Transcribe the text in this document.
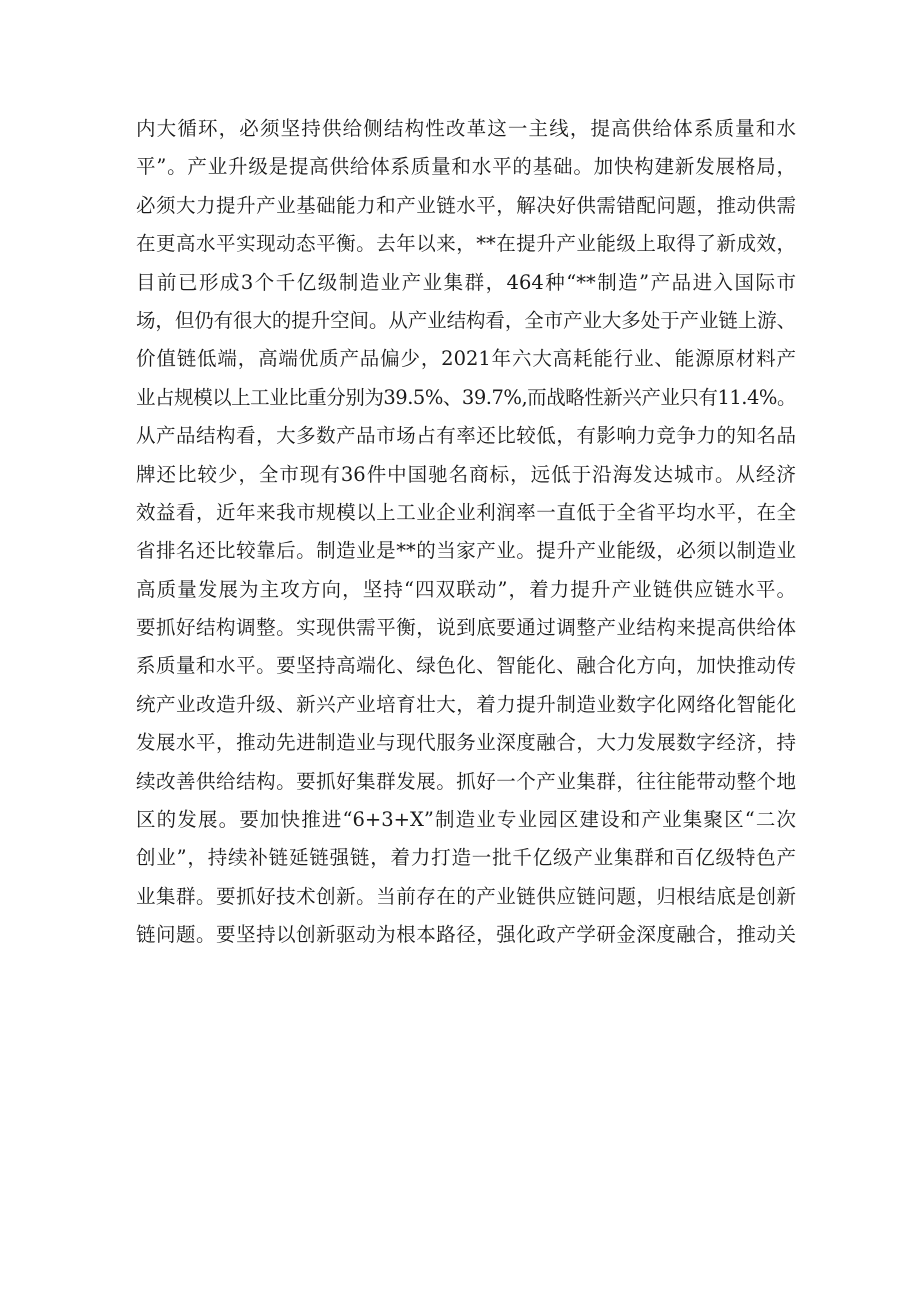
内大循环，必须坚持供给侧结构性改革这一主线，提高供给体系质量和水
平”。产业升级是提高供给体系质量和水平的基础。加快构建新发展格局，
必须大力提升产业基础能力和产业链水平，解决好供需错配问题，推动供需
在更高水平实现动态平衡。去年以来，**在提升产业能级上取得了新成效，
目前已形成3个千亿级制造业产业集群，464种“**制造”产品进入国际市
场，但仍有很大的提升空间。从产业结构看，全市产业大多处于产业链上游、
价值链低端，高端优质产品偏少，2021年六大高耗能行业、能源原材料产
业占规模以上工业比重分别为39.5%、39.7%,而战略性新兴产业只有11.4%。
从产品结构看，大多数产品市场占有率还比较低，有影响力竞争力的知名品
牌还比较少，全市现有36件中国驰名商标，远低于沿海发达城市。从经济
效益看，近年来我市规模以上工业企业利润率一直低于全省平均水平，在全
省排名还比较靠后。制造业是**的当家产业。提升产业能级，必须以制造业
高质量发展为主攻方向，坚持“四双联动”，着力提升产业链供应链水平。
要抓好结构调整。实现供需平衡，说到底要通过调整产业结构来提高供给体
系质量和水平。要坚持高端化、绿色化、智能化、融合化方向，加快推动传
统产业改造升级、新兴产业培育壮大，着力提升制造业数字化网络化智能化
发展水平，推动先进制造业与现代服务业深度融合，大力发展数字经济，持
续改善供给结构。要抓好集群发展。抓好一个产业集群，往往能带动整个地
区的发展。要加快推进“6+3+X”制造业专业园区建设和产业集聚区“二次
创业”，持续补链延链强链，着力打造一批千亿级产业集群和百亿级特色产
业集群。要抓好技术创新。当前存在的产业链供应链问题，归根结底是创新
链问题。要坚持以创新驱动为根本路径，强化政产学研金深度融合，推动关
